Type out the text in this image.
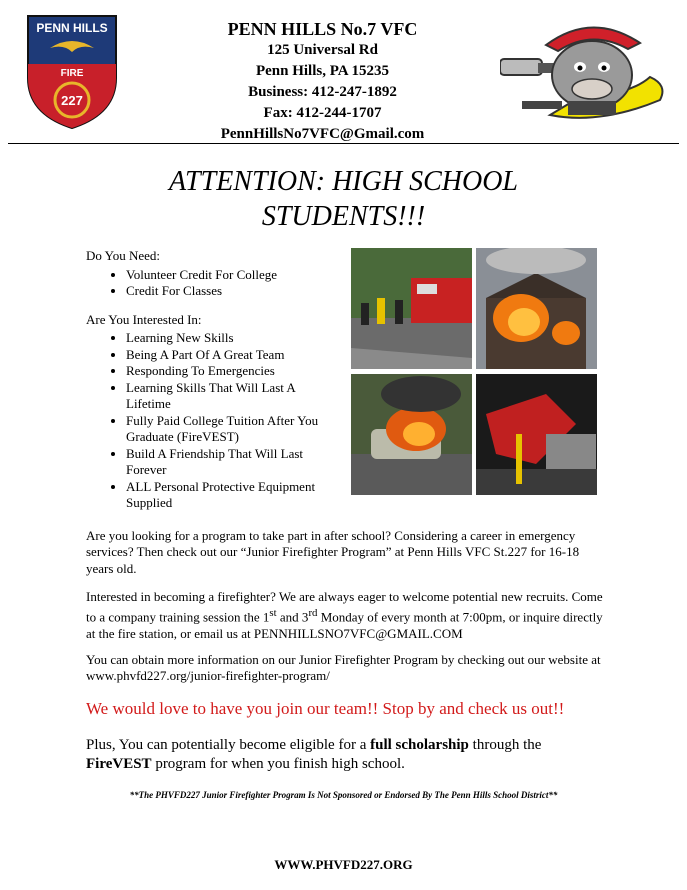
PENN HILLS
FIRE
227
PENN HILLS No.7 VFC
125 Universal Rd
Penn Hills, PA 15235
Business: 412-247-1892
Fax: 412-244-1707
PennHillsNo7VFC@Gmail.com
ATTENTION: HIGH SCHOOL
STUDENTS!!!

Do You Need:

• Volunteer Credit For College
• Credit For Classes

Are You Interested In:

• Learning New Skills
• Being A Part Of A Great Team
• Responding To Emergencies
• Learning Skills That Will Last A Lifetime
• Fully Paid College Tuition After You Graduate (FireVEST)
• Build A Friendship That Will Last Forever
• ALL Personal Protective Equipment Supplied
Are you looking for a program to take part in after school? Considering a career in emergency services? Then check out our “Junior Firefighter Program” at Penn Hills VFC St.227 for 16-18 years old.
Interested in becoming a firefighter? We are always eager to welcome potential new recruits. Come to a company training session the 1st and 3rd Monday of every month at 7:00pm, or inquire directly at the fire station, or email us at PENNHILLSNO7VFC@GMAIL.COM
You can obtain more information on our Junior Firefighter Program by checking out our website at www.phvfd227.org/junior-firefighter-program/
We would love to have you join our team!! Stop by and check us out!!
Plus, You can potentially become eligible for a full scholarship through the FireVEST program for when you finish high school.
**The PHVFD227 Junior Firefighter Program Is Not Sponsored or Endorsed By The Penn Hills School District**
WWW.PHVFD227.ORG
